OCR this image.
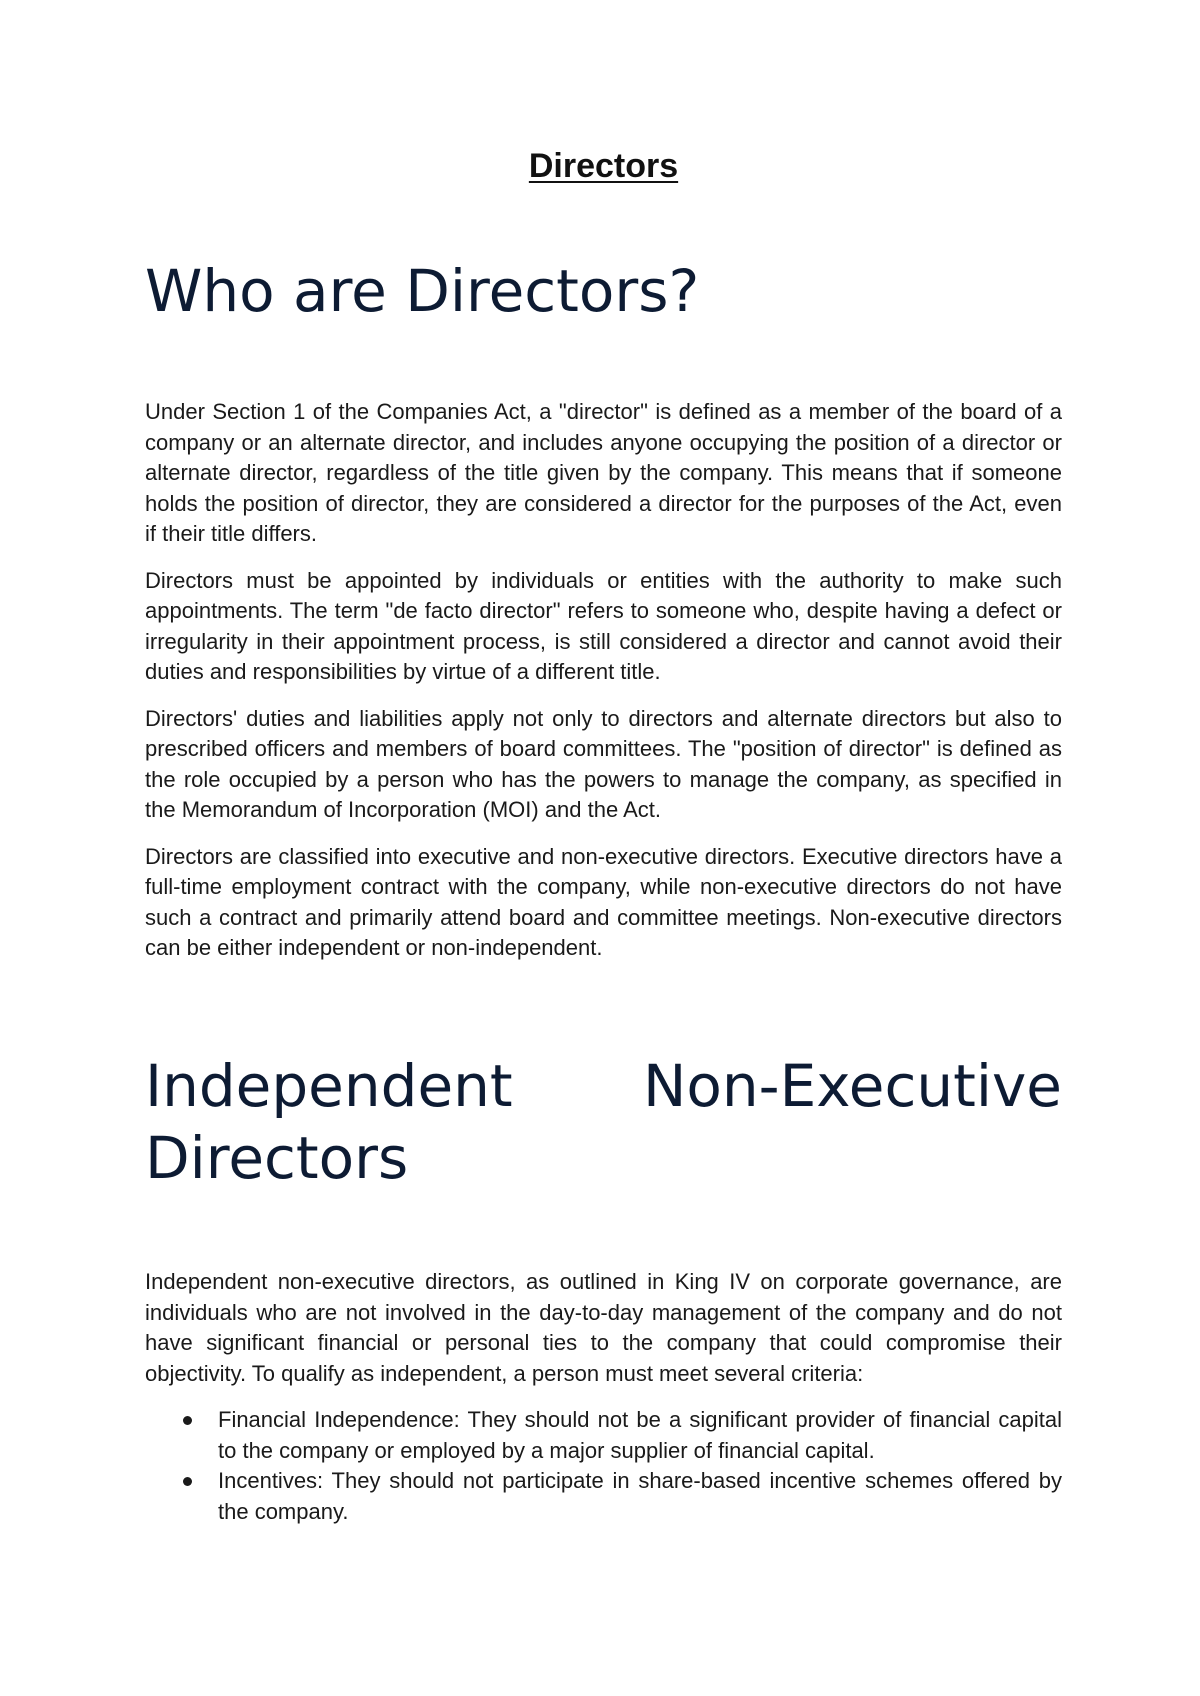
Directors
Who are Directors?

Under Section 1 of the Companies Act, a "director" is defined as a member of the board of a company or an alternate director, and includes anyone occupying the position of a director or alternate director, regardless of the title given by the company. This means that if someone holds the position of director, they are considered a director for the purposes of the Act, even if their title differs.

Directors must be appointed by individuals or entities with the authority to make such appointments. The term "de facto director" refers to someone who, despite having a defect or irregularity in their appointment process, is still considered a director and cannot avoid their duties and responsibilities by virtue of a different title.

Directors' duties and liabilities apply not only to directors and alternate directors but also to prescribed officers and members of board committees. The "position of director" is defined as the role occupied by a person who has the powers to manage the company, as specified in the Memorandum of Incorporation (MOI) and the Act.

Directors are classified into executive and non-executive directors. Executive directors have a full-time employment contract with the company, while non-executive directors do not have such a contract and primarily attend board and committee meetings. Non-executive directors can be either independent or non-independent.

Independent Non-Executive
Directors

Independent non-executive directors, as outlined in King IV on corporate governance, are individuals who are not involved in the day-to-day management of the company and do not have significant financial or personal ties to the company that could compromise their objectivity. To qualify as independent, a person must meet several criteria:

Financial Independence: They should not be a significant provider of financial capital to the company or employed by a major supplier of financial capital.
Incentives: They should not participate in share-based incentive schemes offered by the company.
